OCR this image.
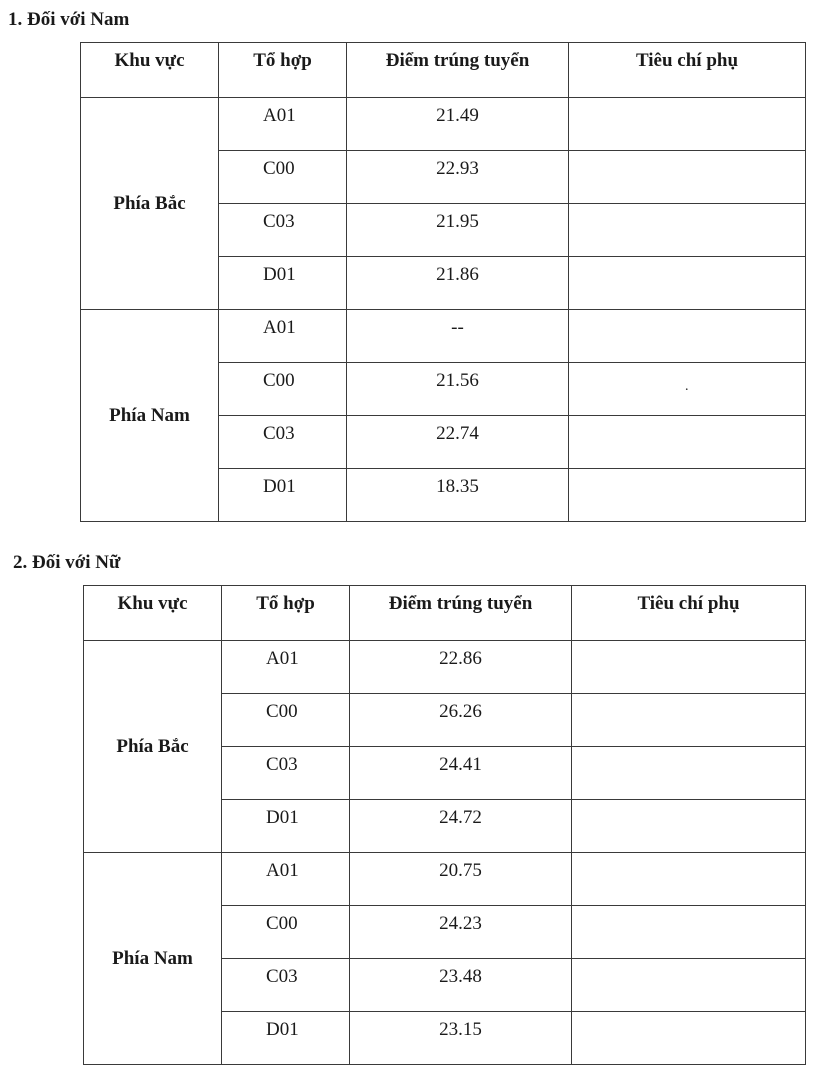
1. Đối với Nam
Khu vực	Tổ hợp	Điểm trúng tuyển	Tiêu chí phụ
Phía Bắc	A01	21.49	
	C00	22.93	
	C03	21.95	
	D01	21.86	
Phía Nam	A01	--	
	C00	21.56	.

	C03	22.74	
	D01	18.35	
2. Đối với Nữ
Khu vực	Tổ hợp	Điểm trúng tuyển	Tiêu chí phụ
Phía Bắc	A01	22.86	
	C00	26.26	
	C03	24.41	
	D01	24.72	
Phía Nam	A01	20.75	
	C00	24.23	
	C03	23.48	
	D01	23.15	
